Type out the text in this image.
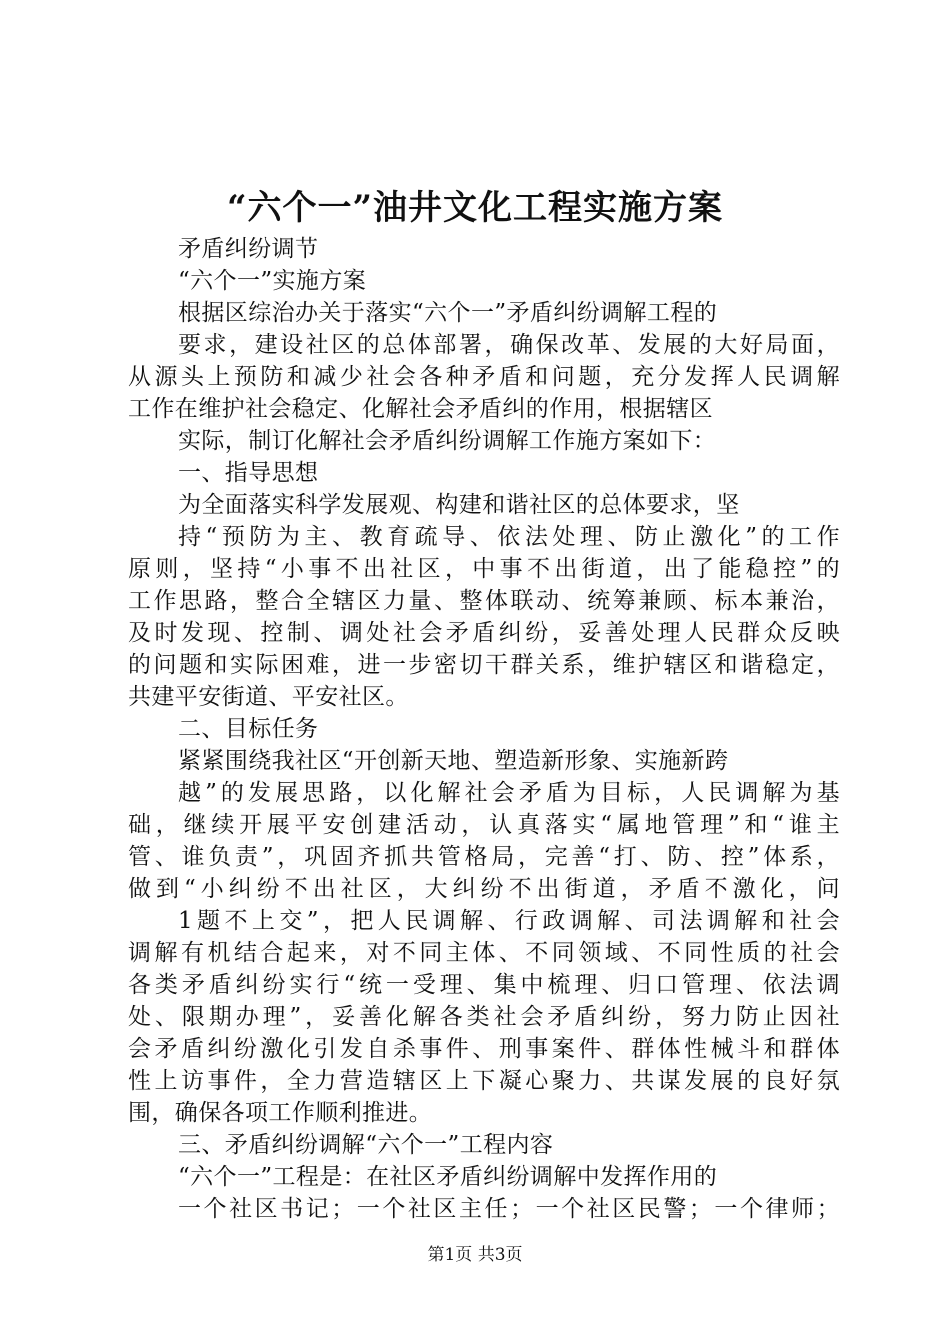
“六个一”油井文化工程实施方案
矛盾纠纷调节
“六个一”实施方案
根据区综治办关于落实“六个一”矛盾纠纷调解工程的
要求，建设社区的总体部署，确保改革、发展的大好局面，
从源头上预防和减少社会各种矛盾和问题，充分发挥人民调解
工作在维护社会稳定、化解社会矛盾纠的作用，根据辖区
实际，制订化解社会矛盾纠纷调解工作施方案如下：
一、指导思想
为全面落实科学发展观、构建和谐社区的总体要求，坚
持“预防为主、教育疏导、依法处理、防止激化”的工作
原则，坚持“小事不出社区，中事不出街道，出了能稳控”的
工作思路，整合全辖区力量、整体联动、统筹兼顾、标本兼治，
及时发现、控制、调处社会矛盾纠纷，妥善处理人民群众反映
的问题和实际困难，进一步密切干群关系，维护辖区和谐稳定，
共建平安街道、平安社区。
二、目标任务
紧紧围绕我社区“开创新天地、塑造新形象、实施新跨
越”的发展思路，以化解社会矛盾为目标，人民调解为基
础，继续开展平安创建活动，认真落实“属地管理”和“谁主
管、谁负责”，巩固齐抓共管格局，完善“打、防、控”体系，
做到“小纠纷不出社区，大纠纷不出街道，矛盾不激化，问
1题不上交”，把人民调解、行政调解、司法调解和社会
调解有机结合起来，对不同主体、不同领域、不同性质的社会
各类矛盾纠纷实行“统一受理、集中梳理、归口管理、依法调
处、限期办理”，妥善化解各类社会矛盾纠纷，努力防止因社
会矛盾纠纷激化引发自杀事件、刑事案件、群体性械斗和群体
性上访事件，全力营造辖区上下凝心聚力、共谋发展的良好氛
围，确保各项工作顺利推进。
三、矛盾纠纷调解“六个一”工程内容
“六个一”工程是：在社区矛盾纠纷调解中发挥作用的
一个社区书记；一个社区主任；一个社区民警；一个律师；
第1页 共3页
